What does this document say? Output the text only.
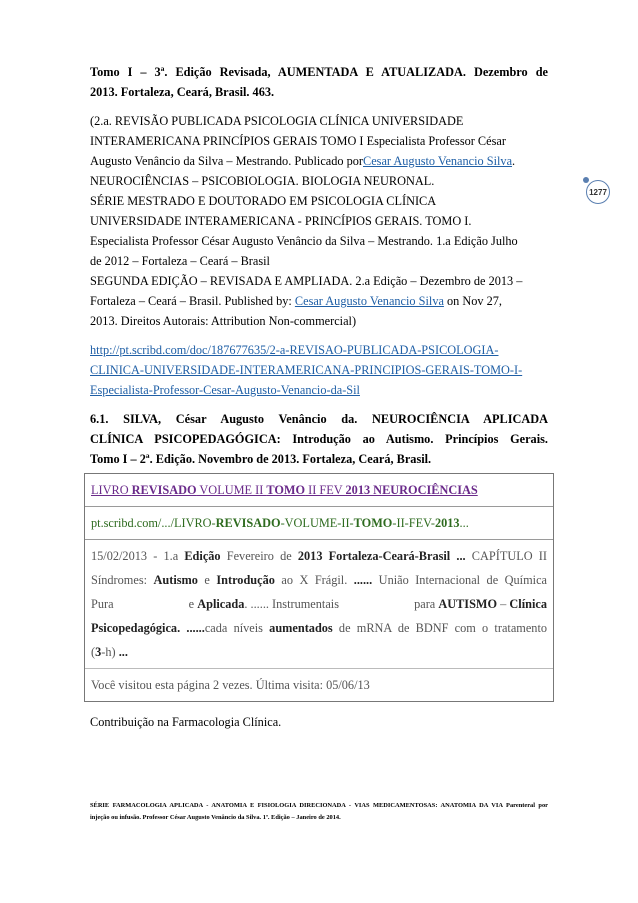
1277

Tomo I – 3ª. Edição Revisada, AUMENTADA E ATUALIZADA. Dezembro de

2013. Fortaleza, Ceará, Brasil. 463.

(2.a. REVISÃO PUBLICADA PSICOLOGIA CLÍNICA UNIVERSIDADE

INTERAMERICANA PRINCÍPIOS GERAIS TOMO I Especialista Professor César

Augusto Venâncio da Silva – Mestrando. Publicado porCesar Augusto Venancio Silva.

NEUROCIÊNCIAS – PSICOBIOLOGIA. BIOLOGIA NEURONAL.

SÉRIE MESTRADO E DOUTORADO EM PSICOLOGIA CLÍNICA

UNIVERSIDADE INTERAMERICANA - PRINCÍPIOS GERAIS. TOMO I.

Especialista Professor César Augusto Venâncio da Silva – Mestrando. 1.a Edição Julho

de 2012 – Fortaleza – Ceará – Brasil

SEGUNDA EDIÇÃO – REVISADA E AMPLIADA. 2.a Edição – Dezembro de 2013 –

Fortaleza – Ceará – Brasil. Published by: Cesar Augusto Venancio Silva on Nov 27,

2013. Direitos Autorais: Attribution Non-commercial)

http://pt.scribd.com/doc/187677635/2-a-REVISAO-PUBLICADA-PSICOLOGIA-

CLINICA-UNIVERSIDADE-INTERAMERICANA-PRINCIPIOS-GERAIS-TOMO-I-

Especialista-Professor-Cesar-Augusto-Venancio-da-Sil

6.1. SILVA, César Augusto Venâncio da. NEUROCIÊNCIA APLICADA

CLÍNICA PSICOPEDAGÓGICA: Introdução ao Autismo. Princípios Gerais.

Tomo I – 2ª. Edição. Novembro de 2013. Fortaleza, Ceará, Brasil.

LIVRO REVISADO VOLUME II TOMO II FEV 2013 NEUROCIÊNCIAS

pt.scribd.com/.../LIVRO-REVISADO-VOLUME-II-TOMO-II-FEV-2013...

15/02/2013 - 1.a Edição Fevereiro de 2013 Fortaleza-Ceará-Brasil ... CAPÍTULO II

Síndromes: Autismo e Introdução ao X Frágil. ...... União Internacional de Química

Pura	e Aplicada. ...... Instrumentais	para AUTISMO – Clínica

Psicopedagógica. ......cada níveis aumentados de mRNA de BDNF com o tratamento

(3-h) ...

Você visitou esta página 2 vezes. Última visita: 05/06/13

Contribuição na Farmacologia Clínica.

SÉRIE FARMACOLOGIA APLICADA - ANATOMIA E FISIOLOGIA DIRECIONADA - VIAS MEDICAMENTOSAS: ANATOMIA DA VIA Parenteral por

injeção ou infusão. Professor César Augusto Venâncio da Silva. 1ª. Edição – Janeiro de 2014.
